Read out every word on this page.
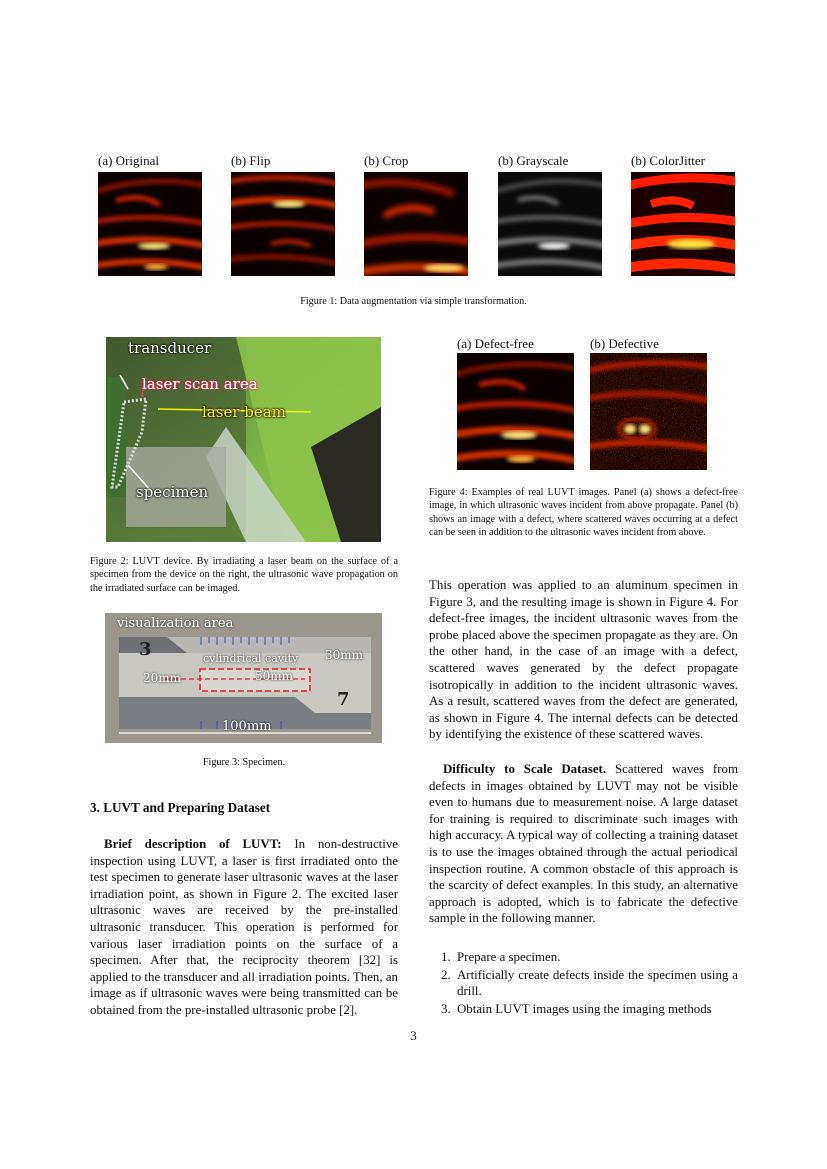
(a) Original	(b) Flip	(b) Crop	(b) Grayscale	(b) ColorJitter
Figure 1: Data augmentation via simple transformation.
transducer
laser scan area
laser beam
specimen
Figure 2: LUVT device. By irradiating a laser beam on the surface of a specimen from the device on the right, the ultrasonic wave propagation on the irradiated surface can be imaged.
visualization area
cylindrical cavity 30mm
20mm	50mm
100mm
3
7
Figure 3: Specimen.
(a) Defect-free	(b) Defective
Figure 4: Examples of real LUVT images. Panel (a) shows a defect-free image, in which ultrasonic waves incident from above propagate. Panel (b) shows an image with a defect, where scattered waves occurring at a defect can be seen in addition to the ultrasonic waves incident from above.
3. LUVT and Preparing Dataset

Brief description of LUVT: In non-destructive inspection using LUVT, a laser is first irradiated onto the test specimen to generate laser ultrasonic waves at the laser irradiation point, as shown in Figure 2. The excited laser ultrasonic waves are received by the pre-installed ultrasonic transducer. This operation is performed for various laser irradiation points on the surface of a specimen. After that, the reciprocity theorem [32] is applied to the transducer and all irradiation points. Then, an image as if ultrasonic waves were being transmitted can be obtained from the pre-installed ultrasonic probe [2].

This operation was applied to an aluminum specimen in Figure 3, and the resulting image is shown in Figure 4. For defect-free images, the incident ultrasonic waves from the probe placed above the specimen propagate as they are. On the other hand, in the case of an image with a defect, scattered waves generated by the defect propagate isotropically in addition to the incident ultrasonic waves. As a result, scattered waves from the defect are generated, as shown in Figure 4. The internal defects can be detected by identifying the existence of these scattered waves.

Difficulty to Scale Dataset. Scattered waves from defects in images obtained by LUVT may not be visible even to humans due to measurement noise. A large dataset for training is required to discriminate such images with high accuracy. A typical way of collecting a training dataset is to use the images obtained through the actual periodical inspection routine. A common obstacle of this approach is the scarcity of defect examples. In this study, an alternative approach is adopted, which is to fabricate the defective sample in the following manner.

1. Prepare a specimen.
2. Artificially create defects inside the specimen using a drill.
3. Obtain LUVT images using the imaging methods
3
